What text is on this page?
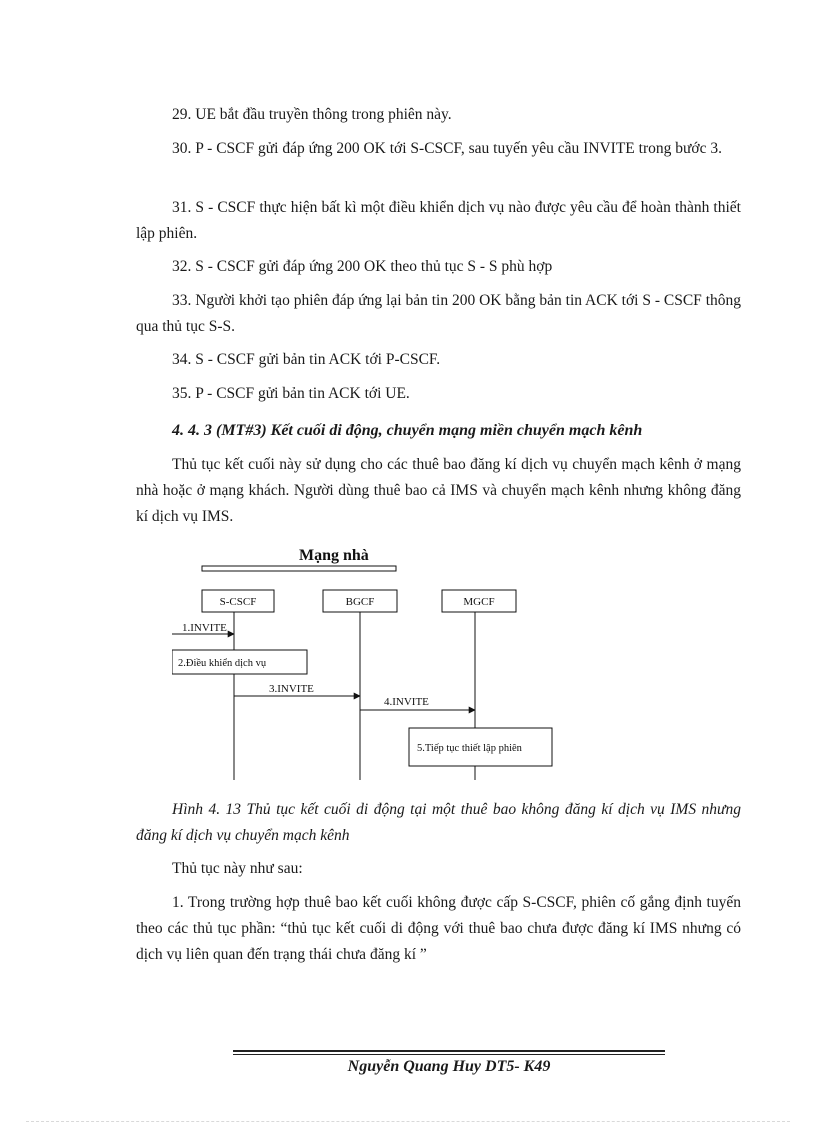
29. UE bắt đầu truyền thông trong phiên này.

30. P - CSCF gửi đáp ứng 200 OK tới S-CSCF, sau tuyến yêu cầu INVITE trong bước 3.

31. S - CSCF thực hiện bất kì một điều khiển dịch vụ nào được yêu cầu để hoàn thành thiết lập phiên.

32. S - CSCF gửi đáp ứng 200 OK theo thủ tục S - S phù hợp

33. Người khởi tạo phiên đáp ứng lại bản tin 200 OK bằng bản tin ACK tới S - CSCF thông qua thủ tục S-S.

34. S - CSCF gửi bản tin ACK tới P-CSCF.

35. P - CSCF gửi bản tin ACK tới UE.

4. 4. 3 (MT#3) Kết cuối di động, chuyển mạng miền chuyển mạch kênh

Thủ tục kết cuối này sử dụng cho các thuê bao đăng kí dịch vụ chuyển mạch kênh ở mạng nhà hoặc ở mạng khách. Người dùng thuê bao cả IMS và chuyển mạch kênh nhưng không đăng kí dịch vụ IMS.

Mạng nhà
S-CSCF	BGCF	MGCF
1.INVITE
2.Điều khiển dịch vụ
3.INVITE
4.INVITE
5.Tiếp tục thiết lập phiên

Hình 4. 13 Thủ tục kết cuối di động tại một thuê bao không đăng kí dịch vụ IMS nhưng đăng kí dịch vụ chuyển mạch kênh

Thủ tục này như sau:

1. Trong trường hợp thuê bao kết cuối không được cấp S-CSCF, phiên cố gắng định tuyến theo các thủ tục phần: “thủ tục kết cuối di động với thuê bao chưa được đăng kí IMS nhưng có dịch vụ liên quan đến trạng thái chưa đăng kí ”

Nguyễn Quang Huy DT5- K49
